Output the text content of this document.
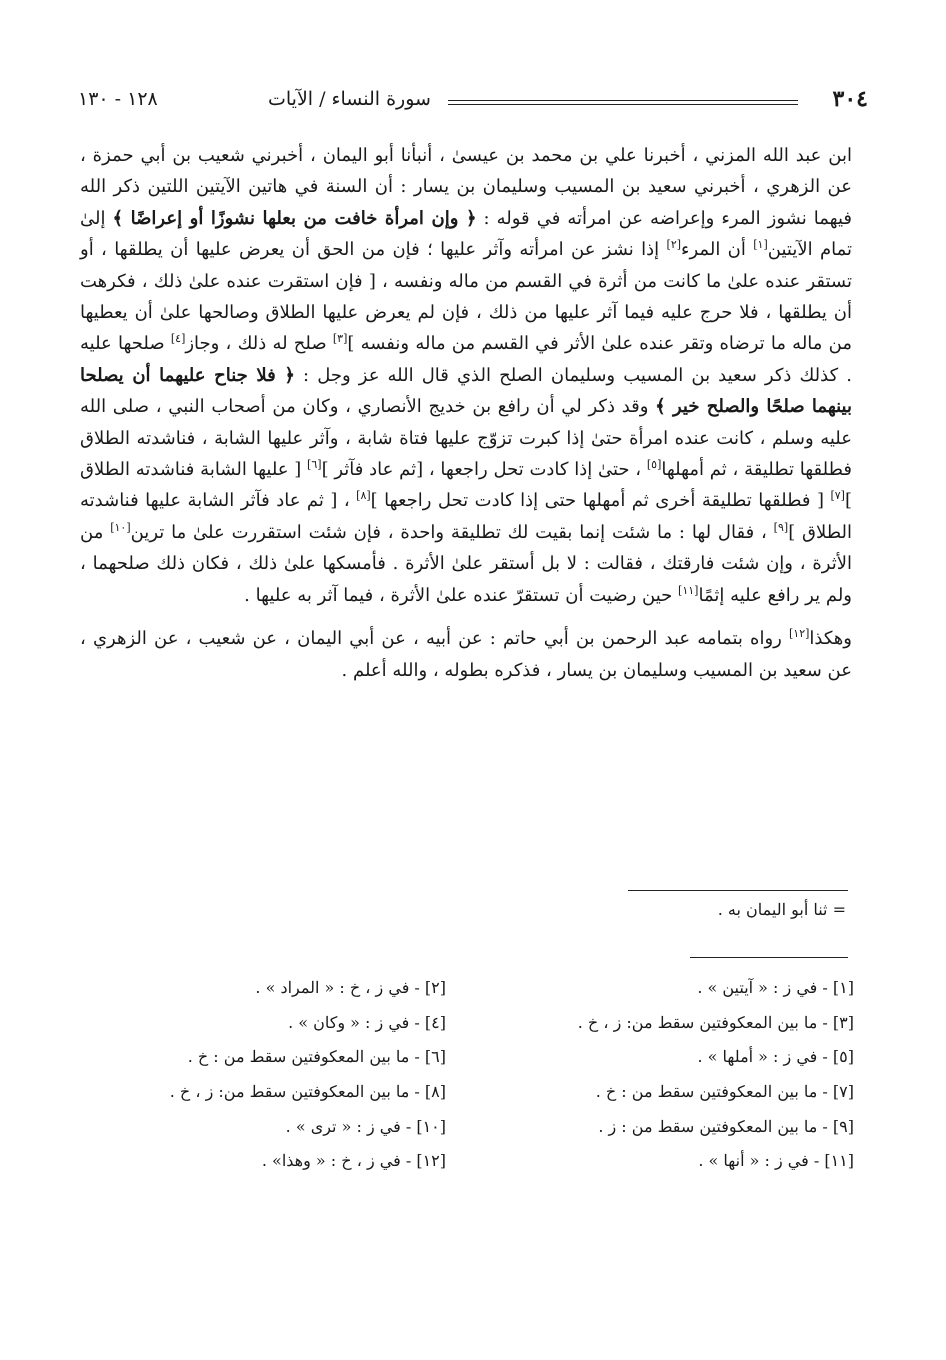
١٢٨ - ١٣٠	سورة النساء / الآيات	٣٠٤

ابن عبد الله المزني ، أخبرنا علي بن محمد بن عيسىٰ ، أنبأنا أبو اليمان ، أخبرني شعيب بن أبي حمزة ، عن الزهري ، أخبرني سعيد بن المسيب وسليمان بن يسار : أن السنة في هاتين الآيتين اللتين ذكر الله فيهما نشوز المرء وإعراضه عن امرأته في قوله : ﴿ وإن امرأة خافت من بعلها نشوزًا أو إعراضًا ﴾ إلىٰ تمام الآيتين[١] أن المرء[٢] إذا نشز عن امرأته وآثر عليها ؛ فإن من الحق أن يعرض عليها أن يطلقها ، أو تستقر عنده علىٰ ما كانت من أثرة في القسم من ماله ونفسه ، [ فإن استقرت عنده علىٰ ذلك ، فكرهت أن يطلقها ، فلا حرج عليه فيما آثر عليها من ذلك ، فإن لم يعرض عليها الطلاق وصالحها علىٰ أن يعطيها من ماله ما ترضاه وتقر عنده علىٰ الأثر في القسم من ماله ونفسه ][٣] صلح له ذلك ، وجاز[٤] صلحها عليه . كذلك ذكر سعيد بن المسيب وسليمان الصلح الذي قال الله عز وجل : ﴿ فلا جناح عليهما أن يصلحا بينهما صلحًا والصلح خير ﴾ وقد ذكر لي أن رافع بن خديج الأنصاري ، وكان من أصحاب النبي ، صلى الله عليه وسلم ، كانت عنده امرأة حتىٰ إذا كبرت تزوّج عليها فتاة شابة ، وآثر عليها الشابة ، فناشدته الطلاق فطلقها تطليقة ، ثم أمهلها[٥] ، حتىٰ إذا كادت تحل راجعها ، [ثم عاد فآثر ][٦] [ عليها الشابة فناشدته الطلاق ][٧] [ فطلقها تطليقة أخرى ثم أمهلها حتى إذا كادت تحل راجعها ][٨] ، [ ثم عاد فآثر الشابة عليها فناشدته الطلاق ][٩] ، فقال لها : ما شئت إنما بقيت لك تطليقة واحدة ، فإن شئت استقررت علىٰ ما ترين[١٠] من الأثرة ، وإن شئت فارقتك ، فقالت : لا بل أستقر علىٰ الأثرة . فأمسكها علىٰ ذلك ، فكان ذلك صلحهما ، ولم ير رافع عليه إثمًا[١١] حين رضيت أن تستقرّ عنده علىٰ الأثرة ، فيما آثر به عليها .

وهكذا[١٢] رواه بتمامه عبد الرحمن بن أبي حاتم : عن أبيه ، عن أبي اليمان ، عن شعيب ، عن الزهري ، عن سعيد بن المسيب وسليمان بن يسار ، فذكره بطوله ، والله أعلم .

= ثنا أبو اليمان به .
[١] - في ز : « آيتين » .
[٣] - ما بين المعكوفتين سقط من: ز ، خ .
[٥] - في ز : « أملها » .
[٧] - ما بين المعكوفتين سقط من : خ .
[٩] - ما بين المعكوفتين سقط من : ز .
[١١] - في ز : « أنها » .
[٢] - في ز ، خ : « المراد » .
[٤] - في ز : « وكان » .
[٦] - ما بين المعكوفتين سقط من : خ .
[٨] - ما بين المعكوفتين سقط من: ز ، خ .
[١٠] - في ز : « ترى » .
[١٢] - في ز ، خ : « وهذا» .
